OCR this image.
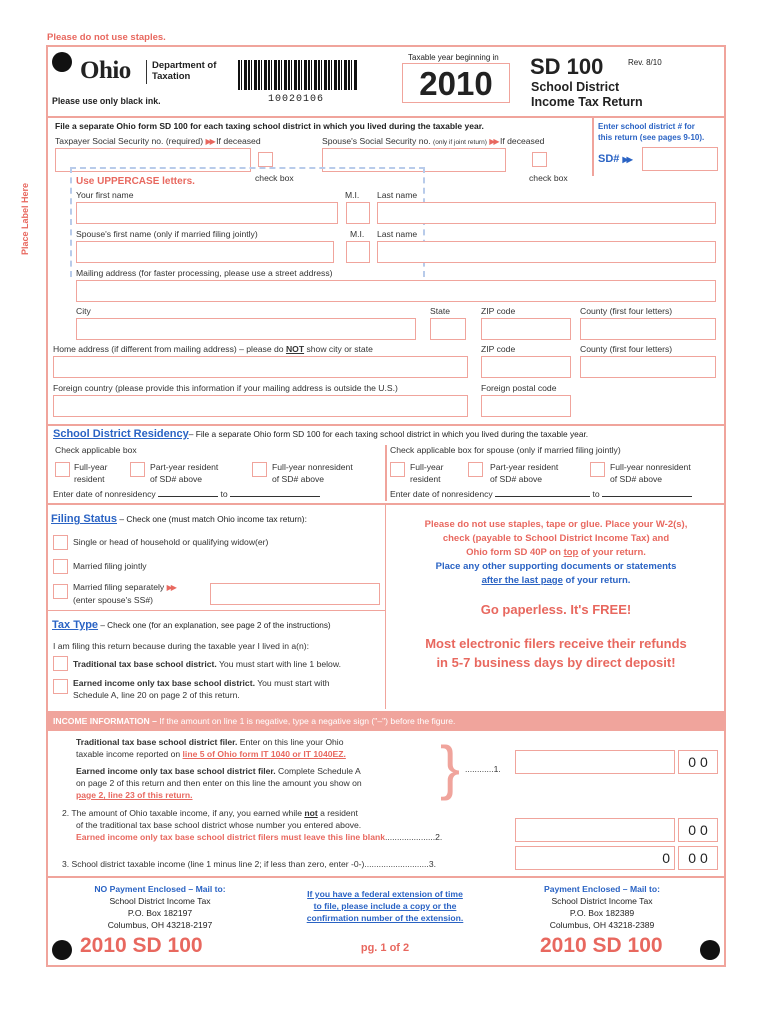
Please do not use staples.
Ohio Department of Taxation
Please use only black ink.	10020106
Taxable year beginning in
2010	SD 100	Rev. 8/10
School District
Income Tax Return
File a separate Ohio form SD 100 for each taxing school district in which you lived during the taxable year.
Taxpayer Social Security no. (required) ▶▶ If deceased	Spouse's Social Security no. (only if joint return) ▶▶ If deceased
check box	check box
Enter school district # for
this return (see pages 9-10).
SD# ▶▶
Place Label Here
Use UPPERCASE letters.
Your first name	M.I. Last name
Spouse's first name (only if married filing jointly)	M.I. Last name
Mailing address (for faster processing, please use a street address)
City	State	ZIP code	County (first four letters)
Home address (if different from mailing address) – please do NOT show city or state	ZIP code	County (first four letters)
Foreign country (please provide this information if your mailing address is outside the U.S.)	Foreign postal code
School District Residency– File a separate Ohio form SD 100 for each taxing school district in which you lived during the taxable year.
Check applicable box	Check applicable box for spouse (only if married filing jointly)
Full-year
resident
Part-year resident
of SD# above
Full-year nonresident
of SD# above
Enter date of nonresidency	to
Full-year
resident
Part-year resident
of SD# above
Full-year nonresident
of SD# above
Enter date of nonresidency	to
Filing Status – Check one (must match Ohio income tax return):
Single or head of household or qualifying widow(er)
Married filing jointly
Married filing separately ▶▶
(enter spouse's SS#)
Please do not use staples, tape or glue. Place your W-2(s),
check (payable to School District Income Tax) and
Ohio form SD 40P on top of your return.
Place any other supporting documents or statements
after the last page of your return.
Go paperless. It's FREE!
Most electronic filers receive their refunds
in 5-7 business days by direct deposit!
Tax Type – Check one (for an explanation, see page 2 of the instructions)
I am filing this return because during the taxable year I lived in a(n):
Traditional tax base school district. You must start with line 1 below.
Earned income only tax base school district. You must start with
Schedule A, line 20 on page 2 of this return.
INCOME INFORMATION – If the amount on line 1 is negative, type a negative sign ("–") before the figure.
Traditional tax base school district filer. Enter on this line your Ohio
taxable income reported on line 5 of Ohio form IT 1040 or IT 1040EZ.
Earned income only tax base school district filer. Complete Schedule A
on page 2 of this return and then enter on this line the amount you show on
page 2, line 23 of this return.	} ............1.	0 0
2. The amount of Ohio taxable income, if any, you earned while not a resident
of the traditional tax base school district whose number you entered above.
Earned income only tax base school district filers must leave this line blank.....................2.	0 0
3. School district taxable income (line 1 minus line 2; if less than zero, enter -0-)...........................3.	0	0 0
NO Payment Enclosed – Mail to:
School District Income Tax
P.O. Box 182197
Columbus, OH 43218-2197
If you have a federal extension of time
to file, please include a copy or the
confirmation number of the extension.
Payment Enclosed – Mail to:
School District Income Tax
P.O. Box 182389
Columbus, OH 43218-2389
2010 SD 100	pg. 1 of 2	2010 SD 100
